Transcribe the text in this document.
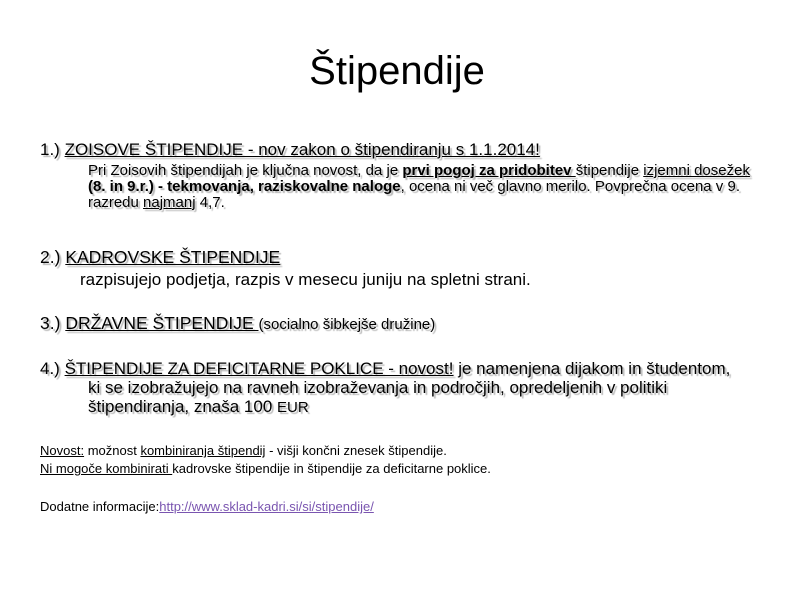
Štipendije
1.) ZOISOVE ŠTIPENDIJE - nov zakon o štipendiranju s 1.1.2014!
Pri Zoisovih štipendijah je ključna novost, da je prvi pogoj za pridobitev štipendije izjemni dosežek (8. in 9.r.) - tekmovanja, raziskovalne naloge, ocena ni več glavno merilo. Povprečna ocena v 9. razredu najmanj 4,7.
2.) KADROVSKE ŠTIPENDIJE
razpisujejo podjetja, razpis v mesecu juniju na spletni strani.
3.) DRŽAVNE ŠTIPENDIJE (socialno šibkejše družine)
4.) ŠTIPENDIJE ZA DEFICITARNE POKLICE - novost! je namenjena dijakom in študentom, ki se izobražujejo na ravneh izobraževanja in področjih, opredeljenih v politiki štipendiranja, znaša 100 EUR
Novost: možnost kombiniranja štipendij - višji končni znesek štipendije.
Ni mogoče kombinirati kadrovske štipendije in štipendije za deficitarne poklice.
Dodatne informacije:http://www.sklad-kadri.si/si/stipendije/
